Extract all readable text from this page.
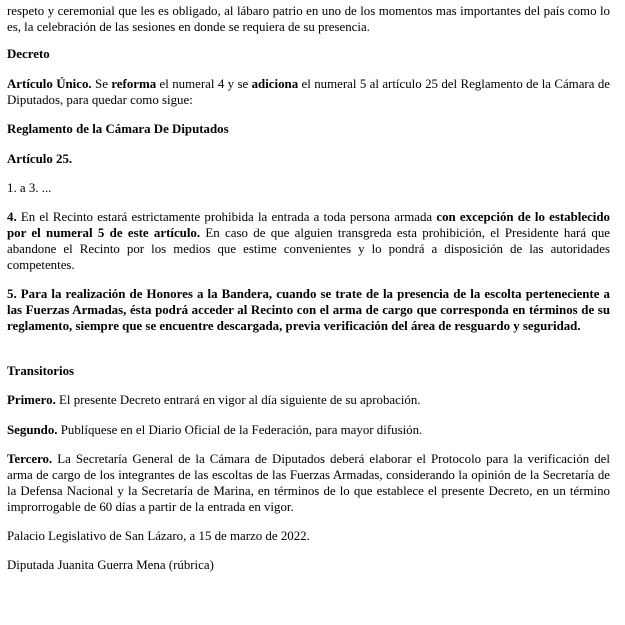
respeto y ceremonial que les es obligado, al lábaro patrio en uno de los momentos mas importantes del país como lo es, la celebración de las sesiones en donde se requiera de su presencia.

Decreto

Artículo Único. Se reforma el numeral 4 y se adiciona el numeral 5 al artículo 25 del Reglamento de la Cámara de Diputados, para quedar como sigue:

Reglamento de la Cámara De Diputados

Artículo 25.

1. a 3. ...

4. En el Recinto estará estrictamente prohibida la entrada a toda persona armada con excepción de lo establecido por el numeral 5 de este artículo. En caso de que alguien transgreda esta prohibición, el Presidente hará que abandone el Recinto por los medios que estime convenientes y lo pondrá a disposición de las autoridades competentes.

5. Para la realización de Honores a la Bandera, cuando se trate de la presencia de la escolta perteneciente a las Fuerzas Armadas, ésta podrá acceder al Recinto con el arma de cargo que corresponda en términos de su reglamento, siempre que se encuentre descargada, previa verificación del área de resguardo y seguridad.

Transitorios

Primero. El presente Decreto entrará en vigor al día siguiente de su aprobación.

Segundo. Publíquese en el Diario Oficial de la Federación, para mayor difusión.

Tercero. La Secretaría General de la Cámara de Diputados deberá elaborar el Protocolo para la verificación del arma de cargo de los integrantes de las escoltas de las Fuerzas Armadas, considerando la opinión de la Secretaría de la Defensa Nacional y la Secretaría de Marina, en términos de lo que establece el presente Decreto, en un término improrrogable de 60 días a partir de la entrada en vigor.

Palacio Legislativo de San Lázaro, a 15 de marzo de 2022.

Diputada Juanita Guerra Mena (rúbrica)
